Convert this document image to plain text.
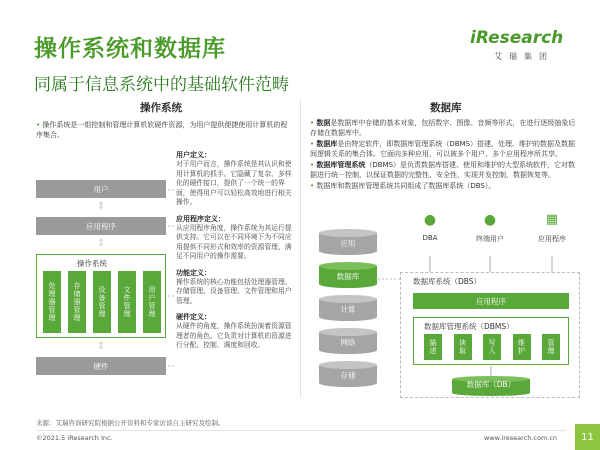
操作系统和数据库
同属于信息系统中的基础软件范畴
iResearch
艾瑞集团
操作系统	数据库
• 操作系统是一组控制和管理计算机软硬件资源，为用户提供便捷使用计算机的程序集合。
用户
⇕
应用程序
⇕
操作系统
处理器管理	存储器管理	设备管理	文件管理	用户管理
⇕
硬件
用户定义：
对于用户而言，操作系统是其认识和使用计算机的抓手。它隐藏了复杂、多样化的硬件接口，提供了一个统一的界面，使得用户可以轻松高效地进行相关操作。
应用程序定义：
从应用程序角度，操作系统为其运行提供支持。它可以在不同环境下为不同应用提供不同形式和效率的资源管理，满足不同用户的操作需要。
功能定义：
操作系统的核心功能包括处理器管理、存储管理、设备管理、文件管理和用户管理。
硬件定义：
从硬件的角度，操作系统扮演着资源管理者的角色。它负责对计算机的资源进行分配、控制、调度和回收。
• 数据是数据库中存储的基本对象，包括数字、图像、音频等形式，在进行逐级抽象后存储在数据库中。
• 数据库是由特定软件，即数据库管理系统（DBMS）搭建、处理、维护的数据及数据间逻辑关系的集合体。它面向多种应用，可以被多个用户、多个应用程序所共享。
• 数据库管理系统（DBMS）是负责数据库搭建、使用和维护的大型系统软件，它对数据进行统一控制，以保证数据的完整性、安全性，实现并发控制，数据恢复等。
• 数据库和数据库管理系统共同组成了数据库系统（DBS）。
应用
数据库
计算
网络
存储
●
DBA
●
终端用户
▦
应用程序
数据库系统（DBS）
应用程序
数据库管理系统（DBMS）
描述	读取	写入	维护	管理
数据库（DB）
来源：艾瑞咨询研究院根据公开资料和专家访谈自主研究及绘制。
©2021.5 iResearch Inc.	www.iresearch.com.cn	11
